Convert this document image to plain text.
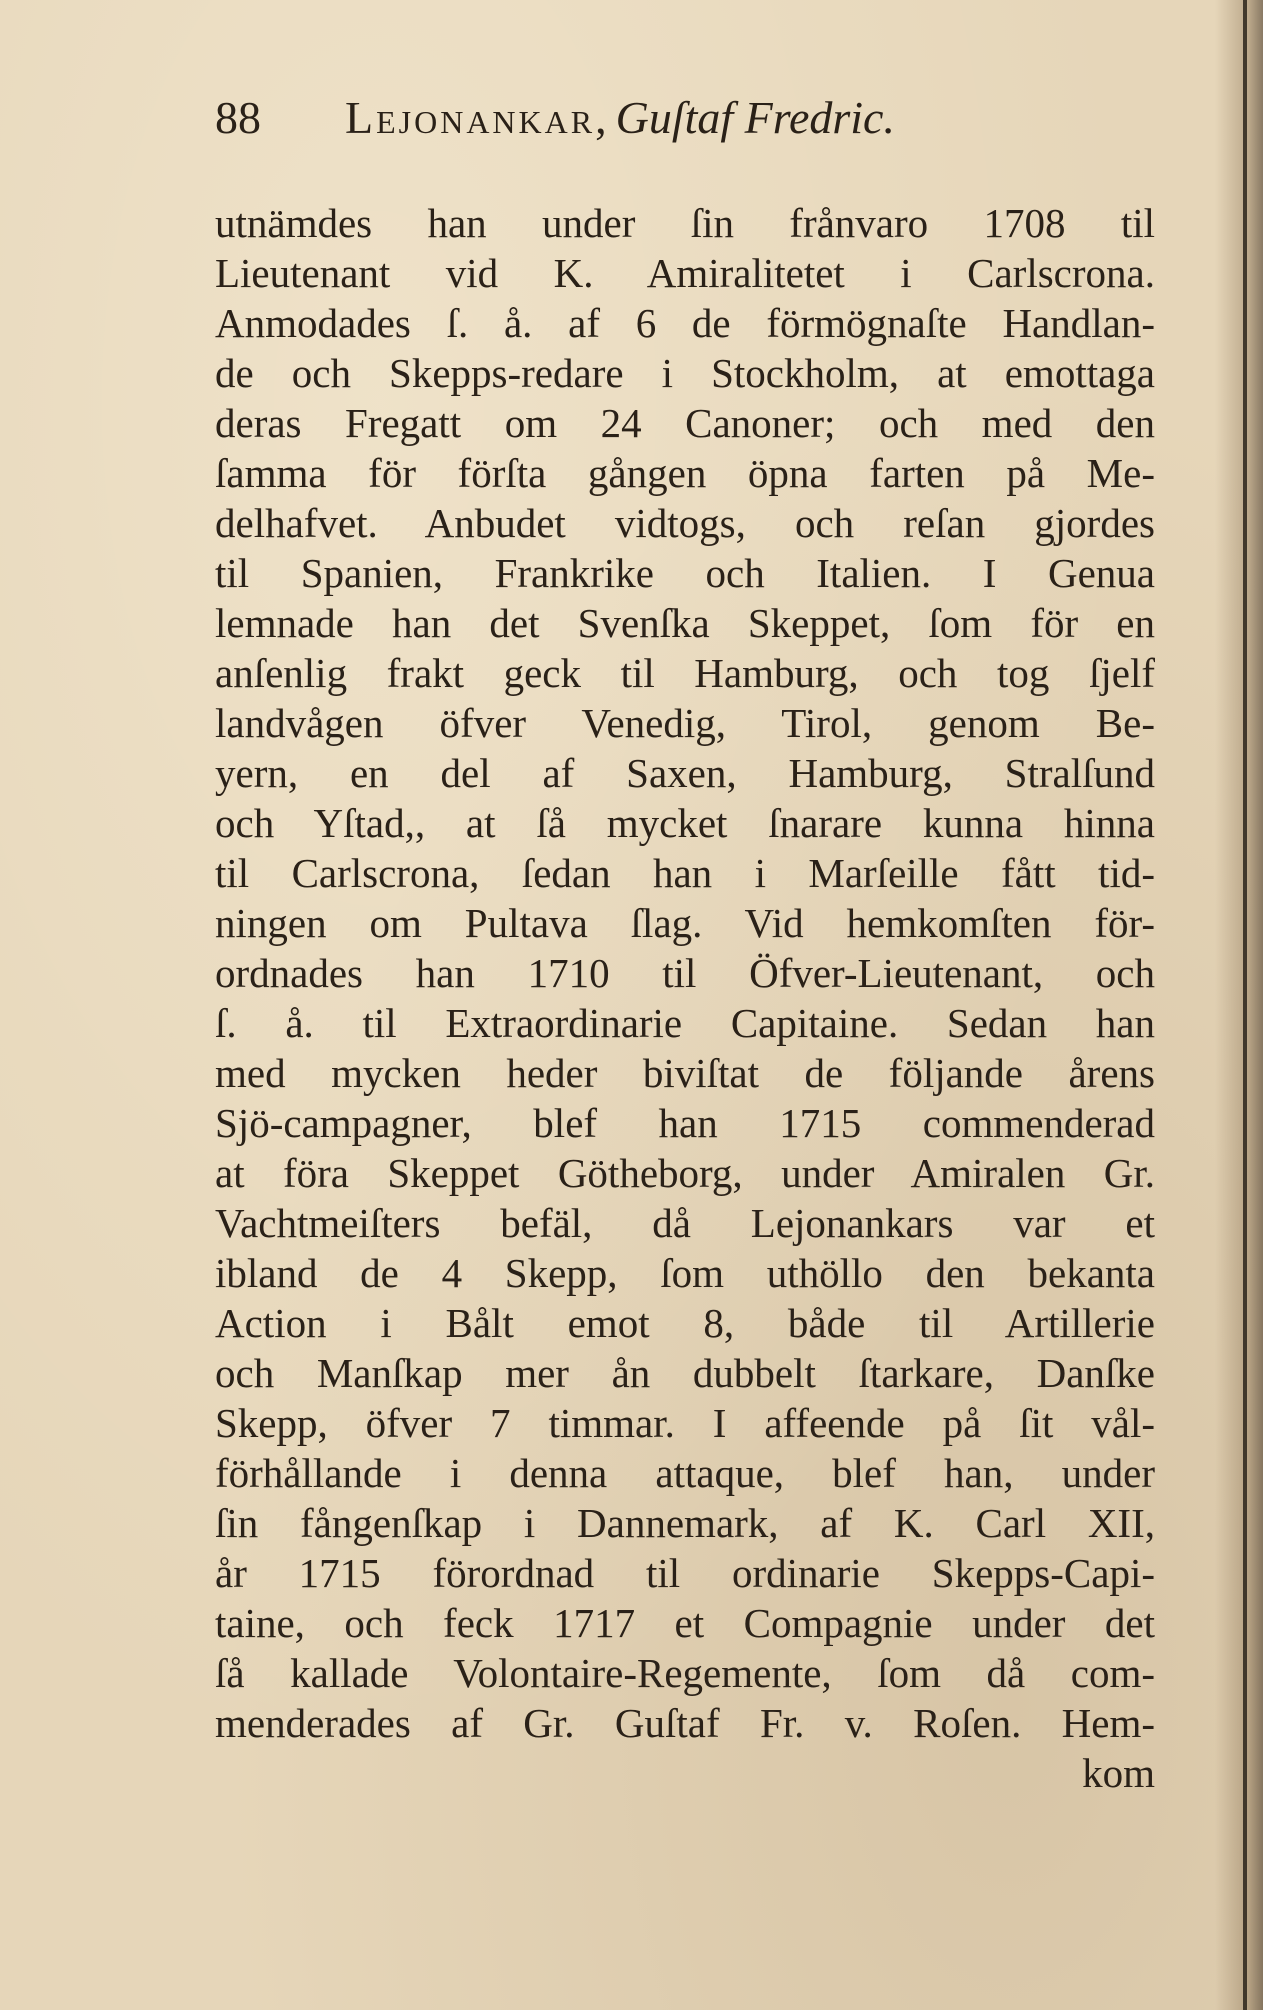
88 Lejonankar, Guſtaf Fredric.
utnämdes han under ſin frånvaro 1708 til
Lieutenant vid K. Amiralitetet i Carlscrona.
Anmodades ſ. å. af 6 de förmögnaſte Handlan-
de och Skepps-redare i Stockholm, at emottaga
deras Fregatt om 24 Canoner; och med den
ſamma för förſta gången öpna farten på Me-
delhafvet. Anbudet vidtogs, och reſan gjordes
til Spanien, Frankrike och Italien. I Genua
lemnade han det Svenſka Skeppet, ſom för en
anſenlig frakt geck til Hamburg, och tog ſjelf
landvågen öfver Venedig, Tirol, genom Be-
yern, en del af Saxen, Hamburg, Stralſund
och Yſtad,, at ſå mycket ſnarare kunna hinna
til Carlscrona, ſedan han i Marſeille fått tid-
ningen om Pultava ſlag. Vid hemkomſten för-
ordnades han 1710 til Öfver-Lieutenant, och
ſ. å. til Extraordinarie Capitaine. Sedan han
med mycken heder biviſtat de följande årens
Sjö-campagner, blef han 1715 commenderad
at föra Skeppet Götheborg, under Amiralen Gr.
Vachtmeiſters befäl, då Lejonankars var et
ibland de 4 Skepp, ſom uthöllo den bekanta
Action i Bålt emot 8, både til Artillerie
och Manſkap mer ån dubbelt ſtarkare, Danſke
Skepp, öfver 7 timmar. I affeende på ſit vål-
förhållande i denna attaque, blef han, under
ſin fångenſkap i Dannemark, af K. Carl XII,
år 1715 förordnad til ordinarie Skepps-Capi-
taine, och feck 1717 et Compagnie under det
ſå kallade Volontaire-Regemente, ſom då com-
menderades af Gr. Guſtaf Fr. v. Roſen. Hem-
kom
